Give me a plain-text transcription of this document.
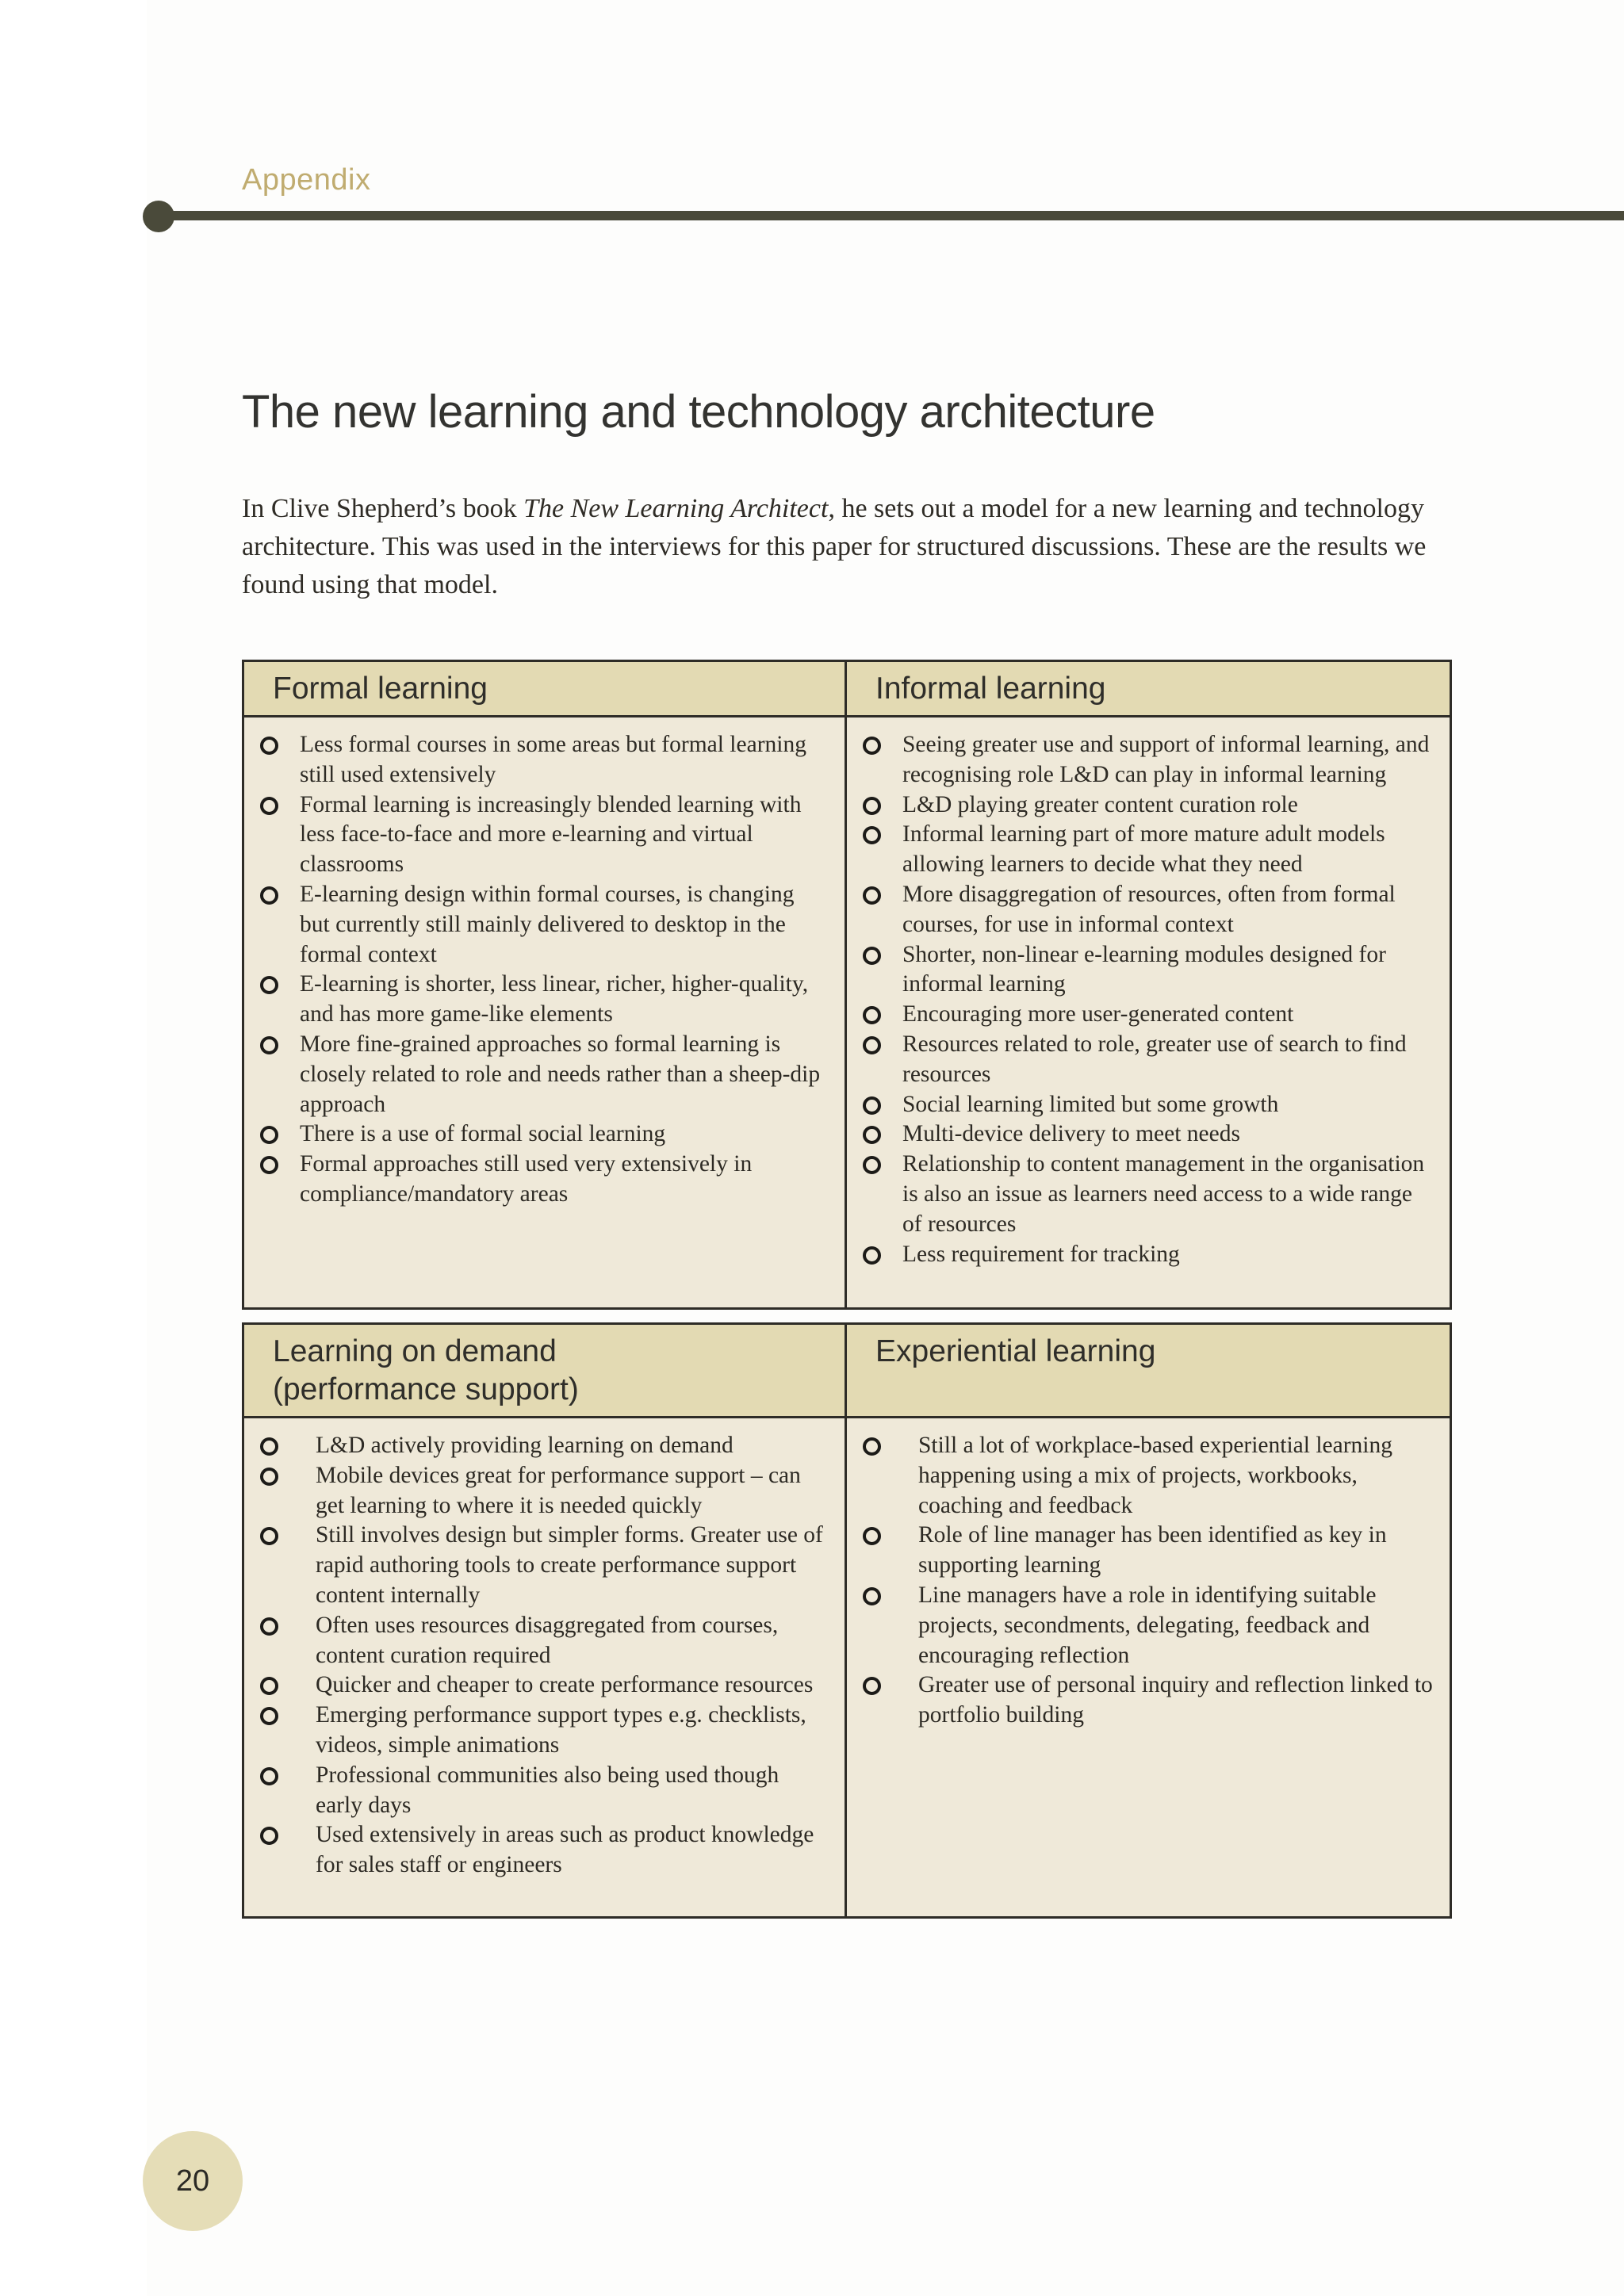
Appendix
The new learning and technology architecture

In Clive Shepherd’s book The New Learning Architect, he sets out a model for a new learning and technology architecture. This was used in the interviews for this paper for structured discussions. These are the results we found using that model.

Formal learning	Informal learning
Less formal courses in some areas but formal learning still used extensively
Formal learning is increasingly blended learning with less face-to-face and more e-learning and virtual classrooms
E-learning design within formal courses, is changing but currently still mainly delivered to desktop in the formal context
E-learning is shorter, less linear, richer, higher-quality, and has more game-like elements
More fine-grained approaches so formal learning is closely related to role and needs rather than a sheep-dip approach
There is a use of formal social learning
Formal approaches still used very extensively in compliance/mandatory areas
Seeing greater use and support of informal learning, and recognising role L&D can play in informal learning
L&D playing greater content curation role
Informal learning part of more mature adult models allowing learners to decide what they need
More disaggregation of resources, often from formal courses, for use in informal context
Shorter, non-linear e-learning modules designed for informal learning
Encouraging more user-generated content
Resources related to role, greater use of search to find resources
Social learning limited but some growth
Multi-device delivery to meet needs
Relationship to content management in the organisation is also an issue as learners need access to a wide range of resources
Less requirement for tracking
Learning on demand
(performance support)
Experiential learning
L&D actively providing learning on demand
Mobile devices great for performance support – can get learning to where it is needed quickly
Still involves design but simpler forms. Greater use of rapid authoring tools to create performance support content internally
Often uses resources disaggregated from courses, content curation required
Quicker and cheaper to create performance resources
Emerging performance support types e.g. checklists, videos, simple animations
Professional communities also being used though early days
Used extensively in areas such as product knowledge for sales staff or engineers
Still a lot of workplace-based experiential learning happening using a mix of projects, workbooks, coaching and feedback
Role of line manager has been identified as key in supporting learning
Line managers have a role in identifying suitable projects, secondments, delegating, feedback and encouraging reflection
Greater use of personal inquiry and reflection linked to portfolio building
20
